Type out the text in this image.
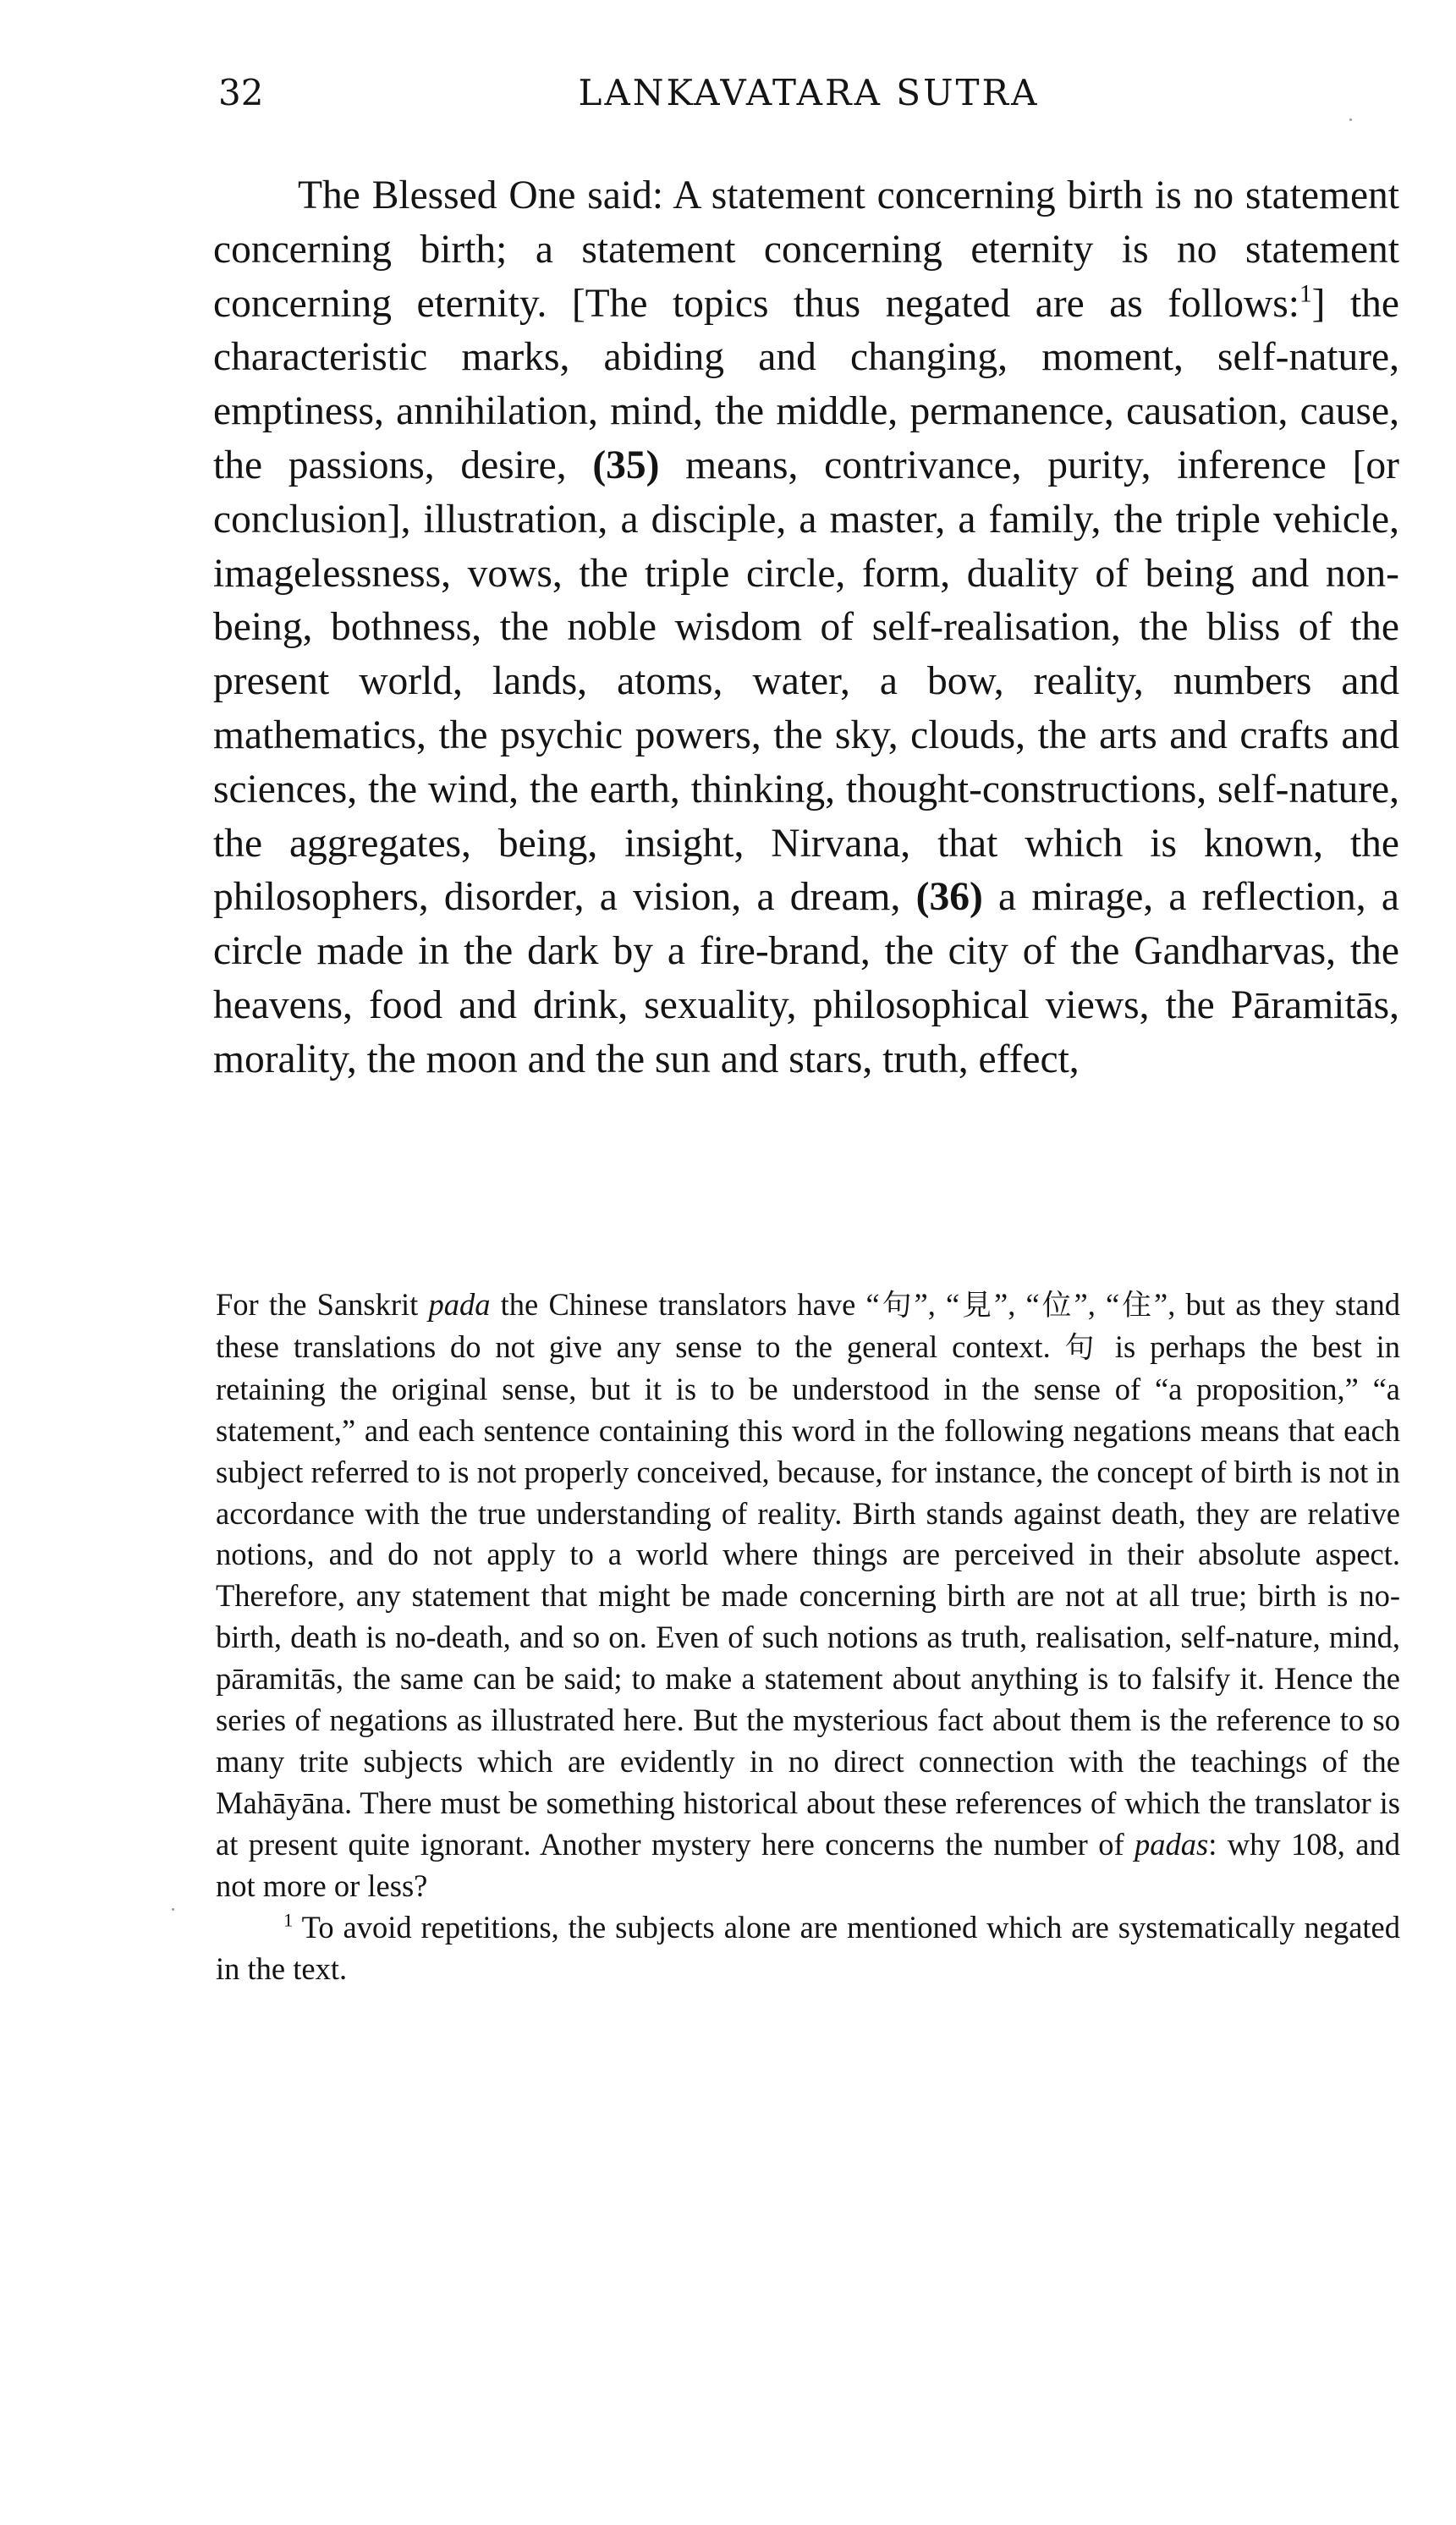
32	LANKAVATARA SUTRA

The Blessed One said: A statement concerning birth is no statement concerning birth; a statement concerning eternity is no statement concerning eternity. [The topics thus negated are as follows:$^1$] the characteristic marks, abiding and changing, moment, self-nature, emptiness, annihilation, mind, the middle, permanence, causation, cause, the passions, desire, (35) means, contrivance, purity, inference [or conclusion], illustration, a disciple, a master, a family, the triple vehicle, imagelessness, vows, the triple circle, form, duality of being and non-being, bothness, the noble wisdom of self-realisation, the bliss of the present world, lands, atoms, water, a bow, reality, numbers and mathematics, the psychic powers, the sky, clouds, the arts and crafts and sciences, the wind, the earth, thinking, thought-constructions, self-nature, the aggregates, being, insight, Nirvana, that which is known, the philosophers, disorder, a vision, a dream, (36) a mirage, a reflection, a circle made in the dark by a fire-brand, the city of the Gandharvas, the heavens, food and drink, sexuality, philosophical views, the Pāramitās, morality, the moon and the sun and stars, truth, effect,

For the Sanskrit pada the Chinese translators have “句”, “見”, “位”, “住”, but as they stand these translations do not give any sense to the general context. 句 is perhaps the best in retaining the original sense, but it is to be understood in the sense of “a proposition,” “a statement,” and each sentence containing this word in the following negations means that each subject referred to is not properly conceived, because, for instance, the concept of birth is not in accordance with the true understanding of reality. Birth stands against death, they are relative notions, and do not apply to a world where things are perceived in their absolute aspect. Therefore, any statement that might be made concerning birth are not at all true; birth is no-birth, death is no-death, and so on. Even of such notions as truth, realisation, self-nature, mind, pāramitās, the same can be said; to make a statement about anything is to falsify it. Hence the series of negations as illustrated here. But the mysterious fact about them is the reference to so many trite subjects which are evidently in no direct connection with the teachings of the Mahāyāna. There must be something historical about these references of which the translator is at present quite ignorant. Another mystery here concerns the number of padas: why 108, and not more or less?

$^1$ To avoid repetitions, the subjects alone are mentioned which are systematically negated in the text.
